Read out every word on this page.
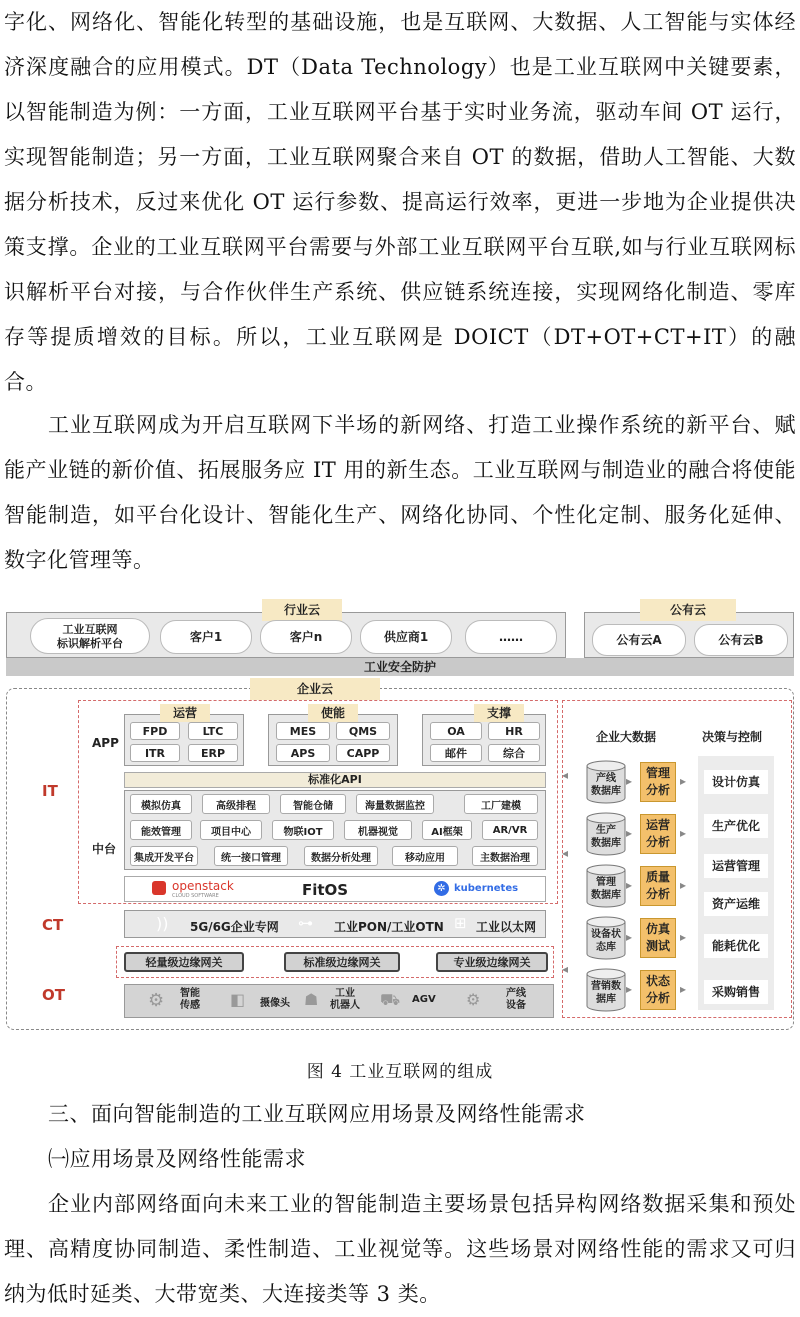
字化、网络化、智能化转型的基础设施，也是互联网、大数据、人工智能与实体经济深度融合的应用模式。DT（Data Technology）也是工业互联网中关键要素，以智能制造为例：一方面，工业互联网平台基于实时业务流，驱动车间 OT 运行，实现智能制造；另一方面，工业互联网聚合来自 OT 的数据，借助人工智能、大数据分析技术，反过来优化 OT 运行参数、提高运行效率，更进一步地为企业提供决策支撑。企业的工业互联网平台需要与外部工业互联网平台互联,如与行业互联网标识解析平台对接，与合作伙伴生产系统、供应链系统连接，实现网络化制造、零库存等提质增效的目标。所以，工业互联网是 DOICT（DT+OT+CT+IT）的融合。

工业互联网成为开启互联网下半场的新网络、打造工业操作系统的新平台、赋能产业链的新价值、拓展服务应 IT 用的新生态。工业互联网与制造业的融合将使能智能制造，如平台化设计、智能化生产、网络化协同、个性化定制、服务化延伸、数字化管理等。

行业云
工业互联网
标识解析平台	客户1	客户n	供应商1	……
公有云
公有云A	公有云B
工业安全防护
企业云
IT
CT
OT
APP
运营	使能	支撑
FPD	LTC
ITR	ERP
MES	QMS
APS	CAPP
OA	HR
邮件	综合
标准化API
中台
模拟仿真	高级排程	智能仓储	海量数据监控	工厂建模
能效管理	项目中心	物联IOT	机器视觉	AI框架	AR/VR
集成开发平台	统一接口管理	数据分析处理	移动应用	主数据治理
openstack
CLOUD SOFTWARE	FitOS	✲ kubernetes
)) 5G/6G企业专网 ⊶ 工业PON/工业OTN ⊞ 工业以太网
轻量级边缘网关	标准级边缘网关	专业级边缘网关
⚙ 智能
传感 ◧ 摄像头 ☗	工业
机器人 ⛟ AGV ⚙	产线
设备
企业大数据	决策与控制
产线
数据库
管理
分析
生产
数据库
运营
分析
管理
数据库
质量
分析
设备状
态库
仿真
测试
营销数
据库
状态
分析
▸
▸
▸
▸
▸
◂
◂
◂
设计仿真
生产优化
运营管理
资产运维
能耗优化
采购销售
▸
▸
▸
▸
▸
图 4 工业互联网的组成

三、面向智能制造的工业互联网应用场景及网络性能需求

㈠应用场景及网络性能需求

企业内部网络面向未来工业的智能制造主要场景包括异构网络数据采集和预处理、高精度协同制造、柔性制造、工业视觉等。这些场景对网络性能的需求又可归纳为低时延类、大带宽类、大连接类等 3 类。
